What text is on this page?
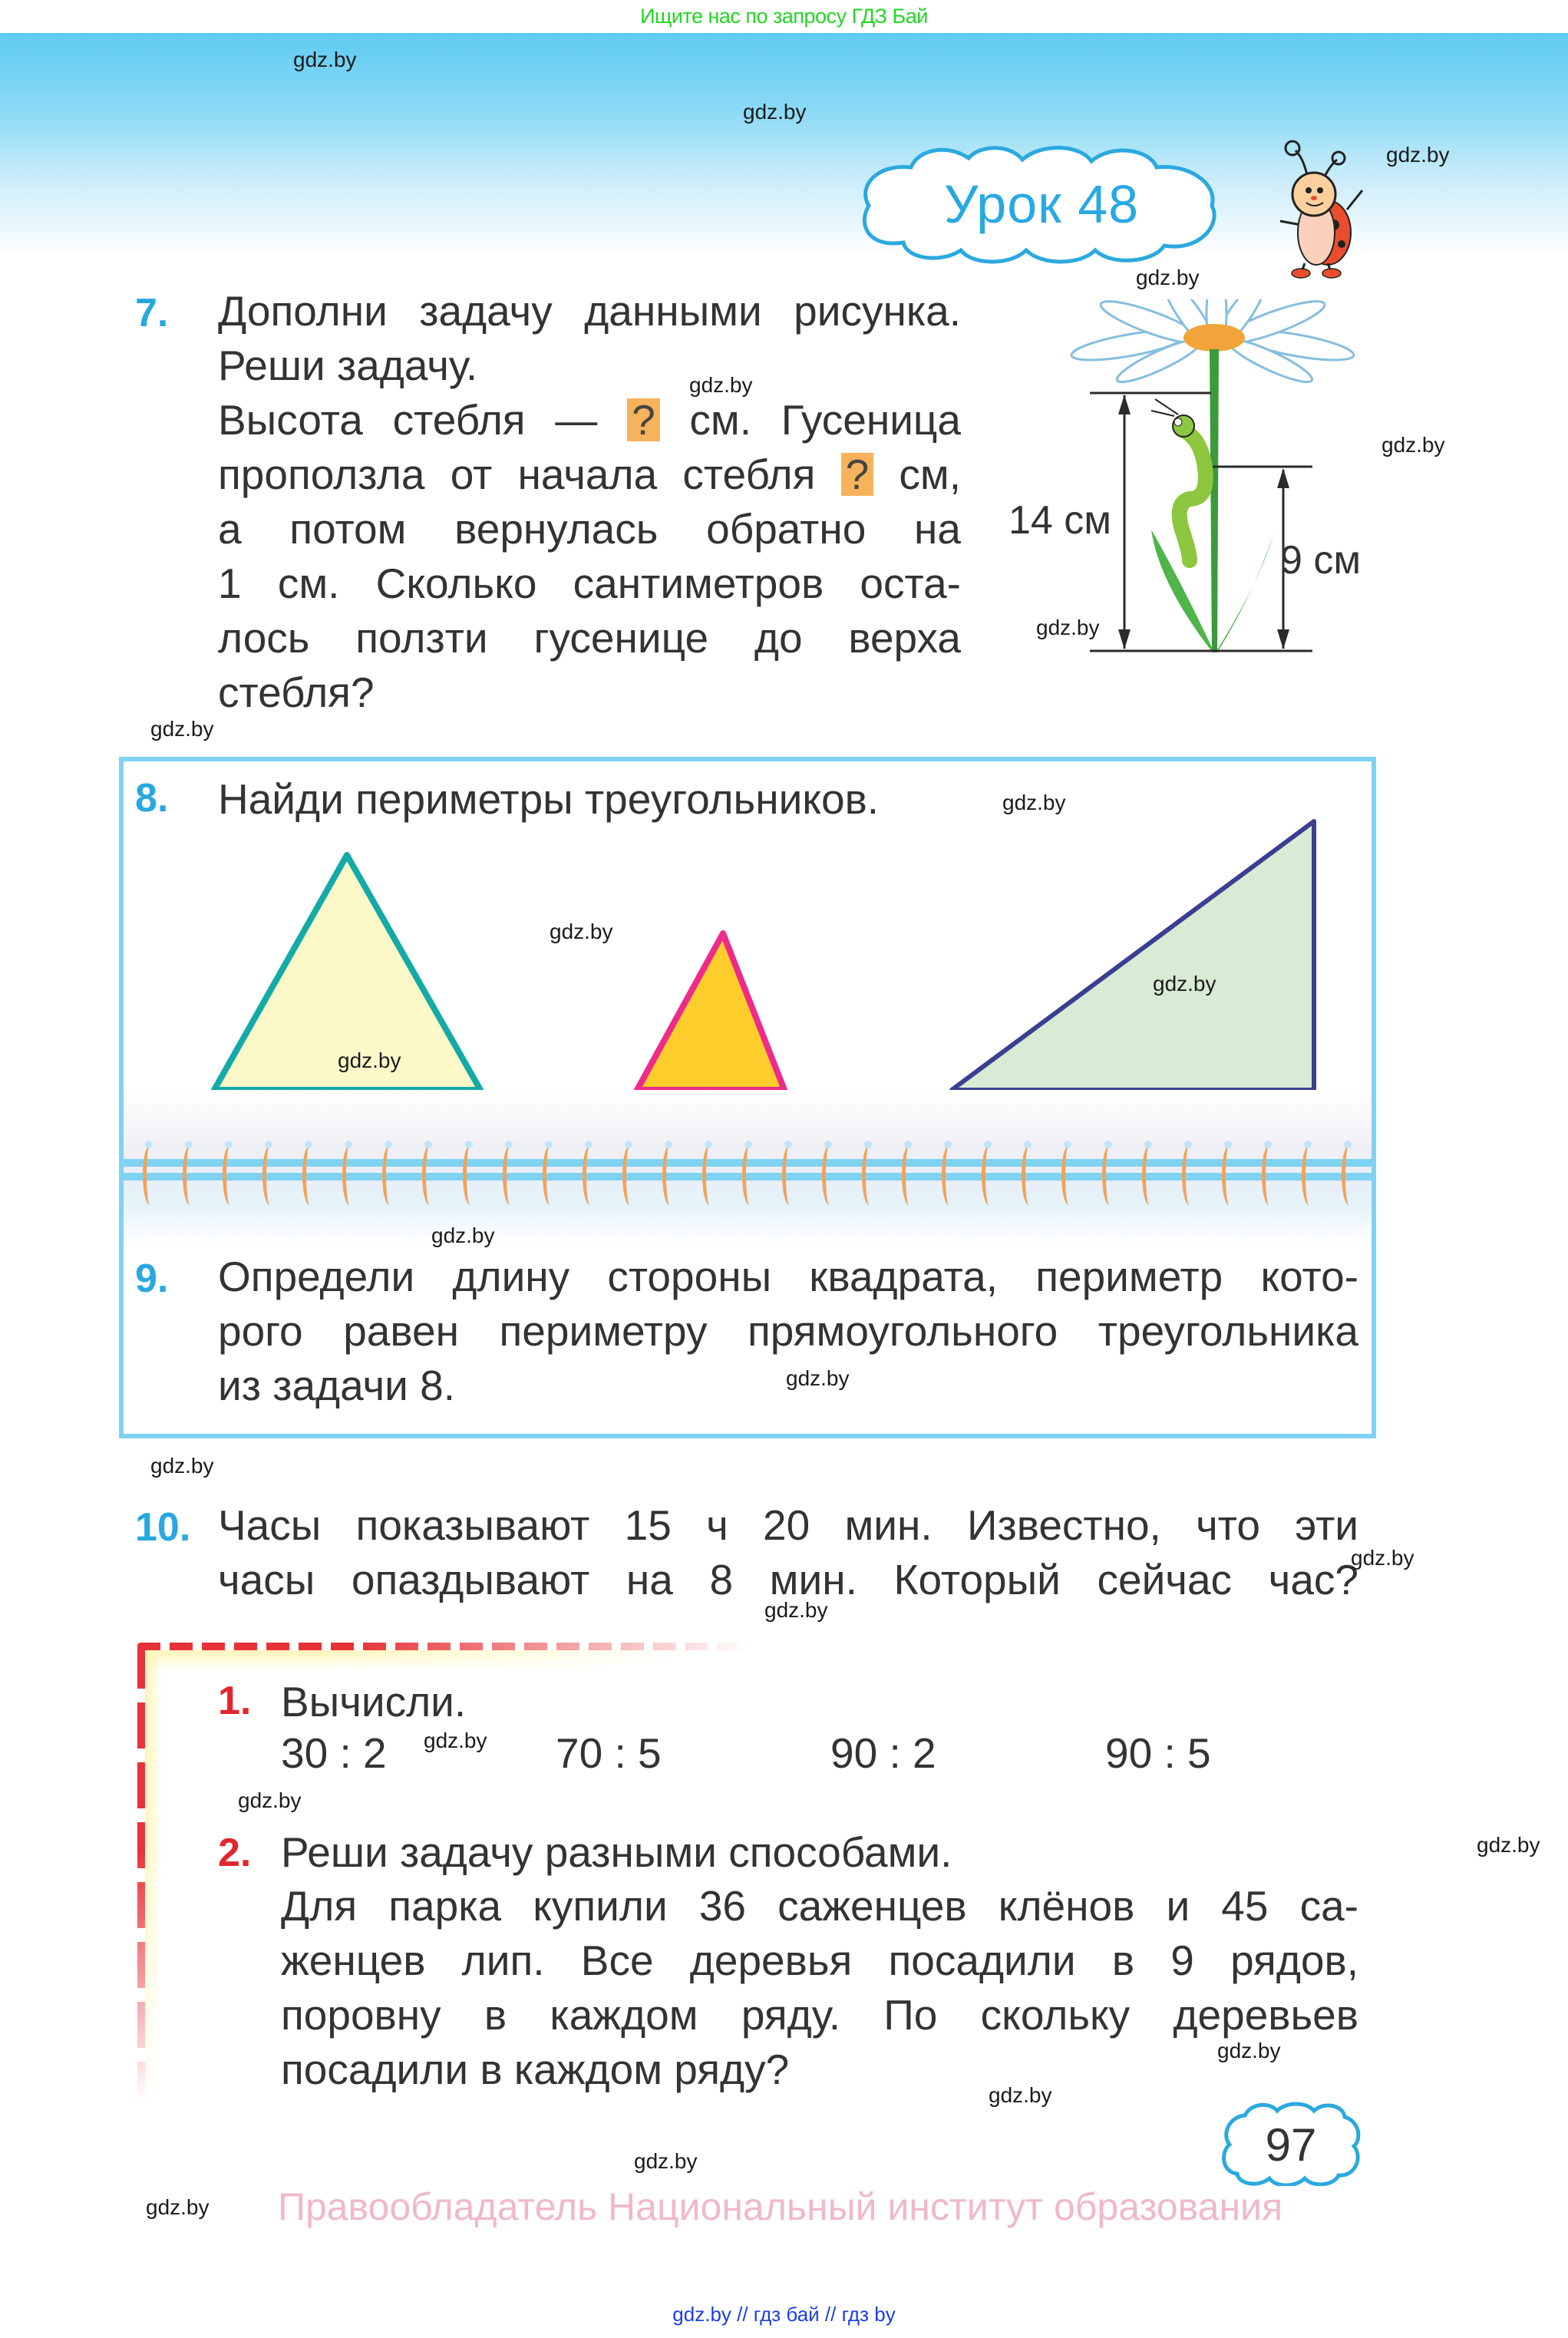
Ищите нас по запросу ГДЗ Бай
gdz.by
gdz.by
gdz.by
gdz.by
gdz.by
gdz.by
gdz.by
gdz.by
Урок 48
7. Дополни задачу данными рисунка.
Реши задачу.
Высота стебля — ? см. Гусеница
проползла от начала стебля ? см,
а потом вернулась обратно на
1 см. Сколько сантиметров оста-
лось ползти гусенице до верха
стебля?
14 см
9 см
8. Найди периметры треугольников.	gdz.by
gdz.by
gdz.by
gdz.by
gdz.by
9. Определи длину стороны квадрата, периметр кото-
рого равен периметру прямоугольного треугольника
из задачи 8.	gdz.by
gdz.by
10. Часы показывают 15 ч 20 мин. Известно, что эти
часы опаздывают на 8 мин. Который сейчас час?
gdz.by
gdz.by
1. Вычисли.
30 : 2 gdz.by 70 : 5	90 : 2	90 : 5
gdz.by
2. Реши задачу разными способами.	gdz.by
Для парка купили 36 саженцев клёнов и 45 са-
женцев лип. Все деревья посадили в 9 рядов,
поровну в каждом ряду. По скольку деревьев
посадили в каждом ряду?	gdz.by
gdz.by
97
gdz.by
gdz.by Правообладатель Национальный институт образования
gdz.by // гдз бай // гдз by
